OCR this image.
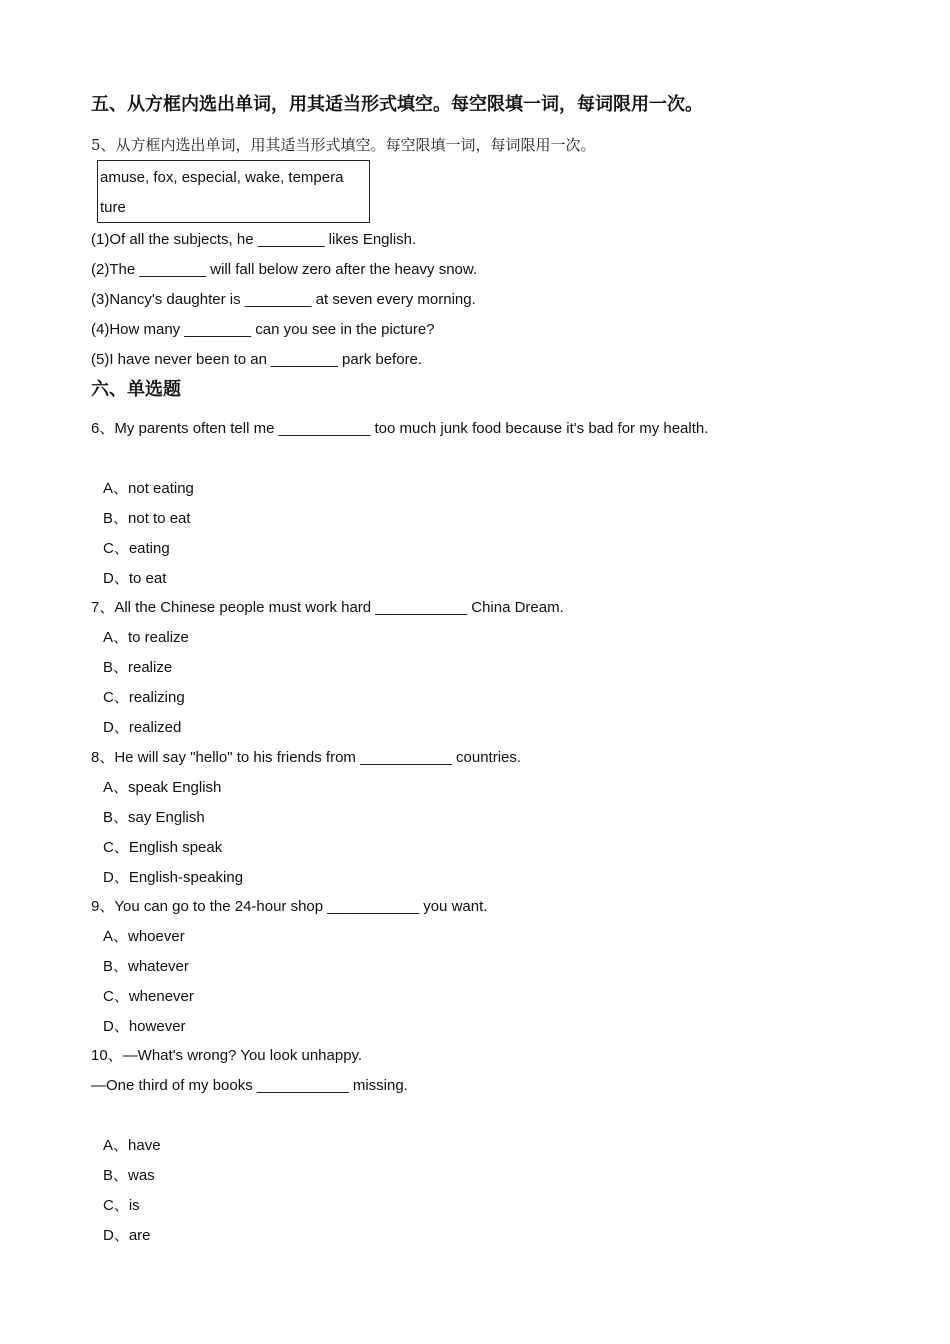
五、从方框内选出单词，用其适当形式填空。每空限填一词，每词限用一次。
5、从方框内选出单词，用其适当形式填空。每空限填一词，每词限用一次。
amuse, fox, especial, wake, tempera
ture
(1)Of all the subjects, he ________ likes English.
(2)The ________ will fall below zero after the heavy snow.
(3)Nancy's daughter is ________ at seven every morning.
(4)How many ________ can you see in the picture?
(5)I have never been to an ________ park before.
六、单选题
6、My parents often tell me ___________ too much junk food because it's bad for my health.
A、not eating
B、not to eat
C、eating
D、to eat
7、All the Chinese people must work hard ___________ China Dream.
A、to realize
B、realize
C、realizing
D、realized
8、He will say "hello" to his friends from ___________ countries.
A、speak English
B、say English
C、English speak
D、English-speaking
9、You can go to the 24-hour shop ___________ you want.
A、whoever
B、whatever
C、whenever
D、however
10、—What's wrong? You look unhappy.
—One third of my books ___________ missing.
A、have
B、was
C、is
D、are
